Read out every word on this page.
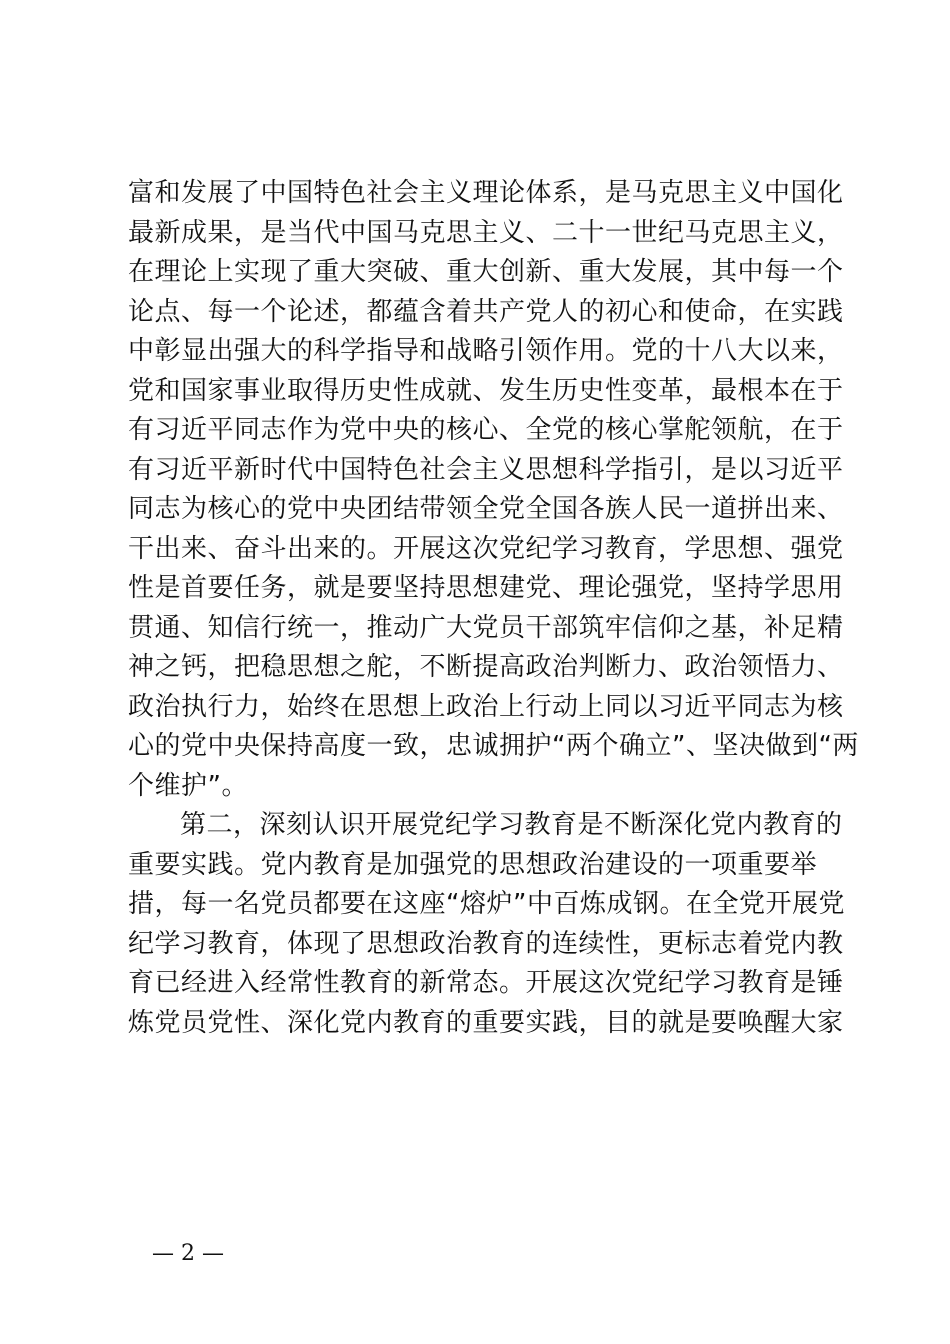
富和发展了中国特色社会主义理论体系，是马克思主义中国化
最新成果，是当代中国马克思主义、二十一世纪马克思主义，
在理论上实现了重大突破、重大创新、重大发展，其中每一个
论点、每一个论述，都蕴含着共产党人的初心和使命，在实践
中彰显出强大的科学指导和战略引领作用。党的十八大以来，
党和国家事业取得历史性成就、发生历史性变革，最根本在于
有习近平同志作为党中央的核心、全党的核心掌舵领航，在于
有习近平新时代中国特色社会主义思想科学指引，是以习近平
同志为核心的党中央团结带领全党全国各族人民一道拼出来、
干出来、奋斗出来的。开展这次党纪学习教育，学思想、强党
性是首要任务，就是要坚持思想建党、理论强党，坚持学思用
贯通、知信行统一，推动广大党员干部筑牢信仰之基，补足精
神之钙，把稳思想之舵，不断提高政治判断力、政治领悟力、
政治执行力，始终在思想上政治上行动上同以习近平同志为核
心的党中央保持高度一致，忠诚拥护“两个确立”、坚决做到“两
个维护”。
第二，深刻认识开展党纪学习教育是不断深化党内教育的
重要实践。党内教育是加强党的思想政治建设的一项重要举
措，每一名党员都要在这座“熔炉”中百炼成钢。在全党开展党
纪学习教育，体现了思想政治教育的连续性，更标志着党内教
育已经进入经常性教育的新常态。开展这次党纪学习教育是锤
炼党员党性、深化党内教育的重要实践，目的就是要唤醒大家
— 2 —
